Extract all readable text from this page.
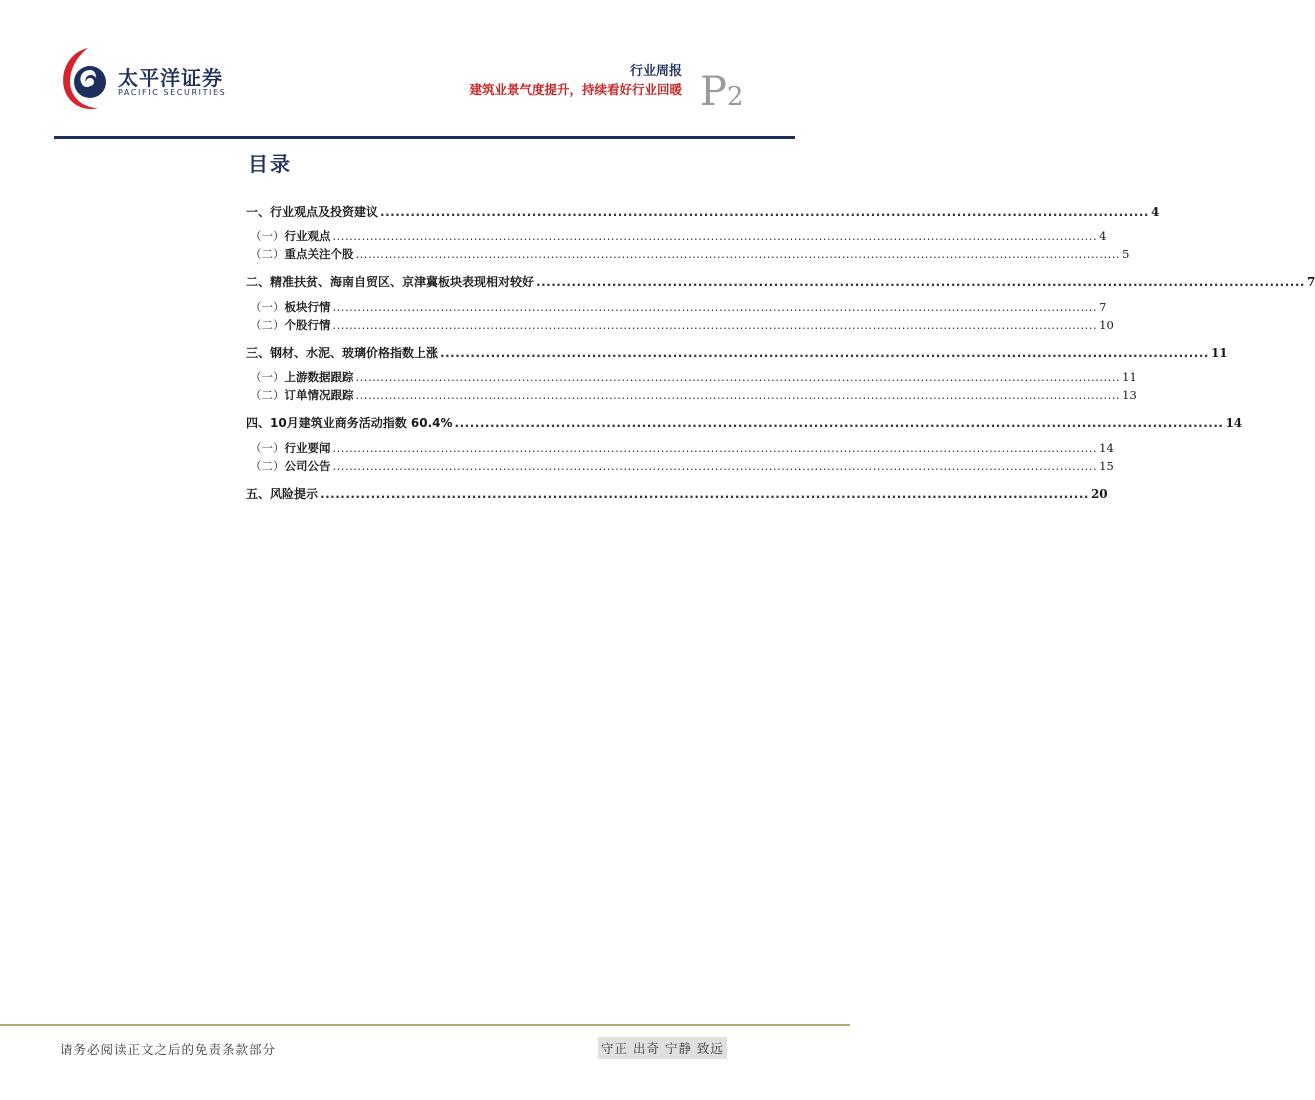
太平洋证券
PACIFIC SECURITIES
行业周报
建筑业景气度提升，持续看好行业回暖 P2
目录
一、 行业观点及投资建议 ........................................................................................................................................................ 4
（一） 行业观点 ........................................................................................................................................................................................ 4
（二） 重点关注个股 ........................................................................................................................................................................................ 5
二、 精准扶贫、海南自贸区、京津冀板块表现相对较好 ........................................................................................................................................................ 7
（一） 板块行情 ........................................................................................................................................................................................ 7
（二） 个股行情 ........................................................................................................................................................................................ 10
三、 钢材、水泥、玻璃价格指数上涨 ........................................................................................................................................................ 11
（一） 上游数据跟踪 ........................................................................................................................................................................................ 11
（二） 订单情况跟踪 ........................................................................................................................................................................................ 13
四、 10月建筑业商务活动指数 60.4% ........................................................................................................................................................ 14
（一） 行业要闻 ........................................................................................................................................................................................ 14
（二） 公司公告 ........................................................................................................................................................................................ 15
五、 风险提示 ........................................................................................................................................................ 20
请务必阅读正文之后的免责条款部分	守正 出奇 宁静 致远
